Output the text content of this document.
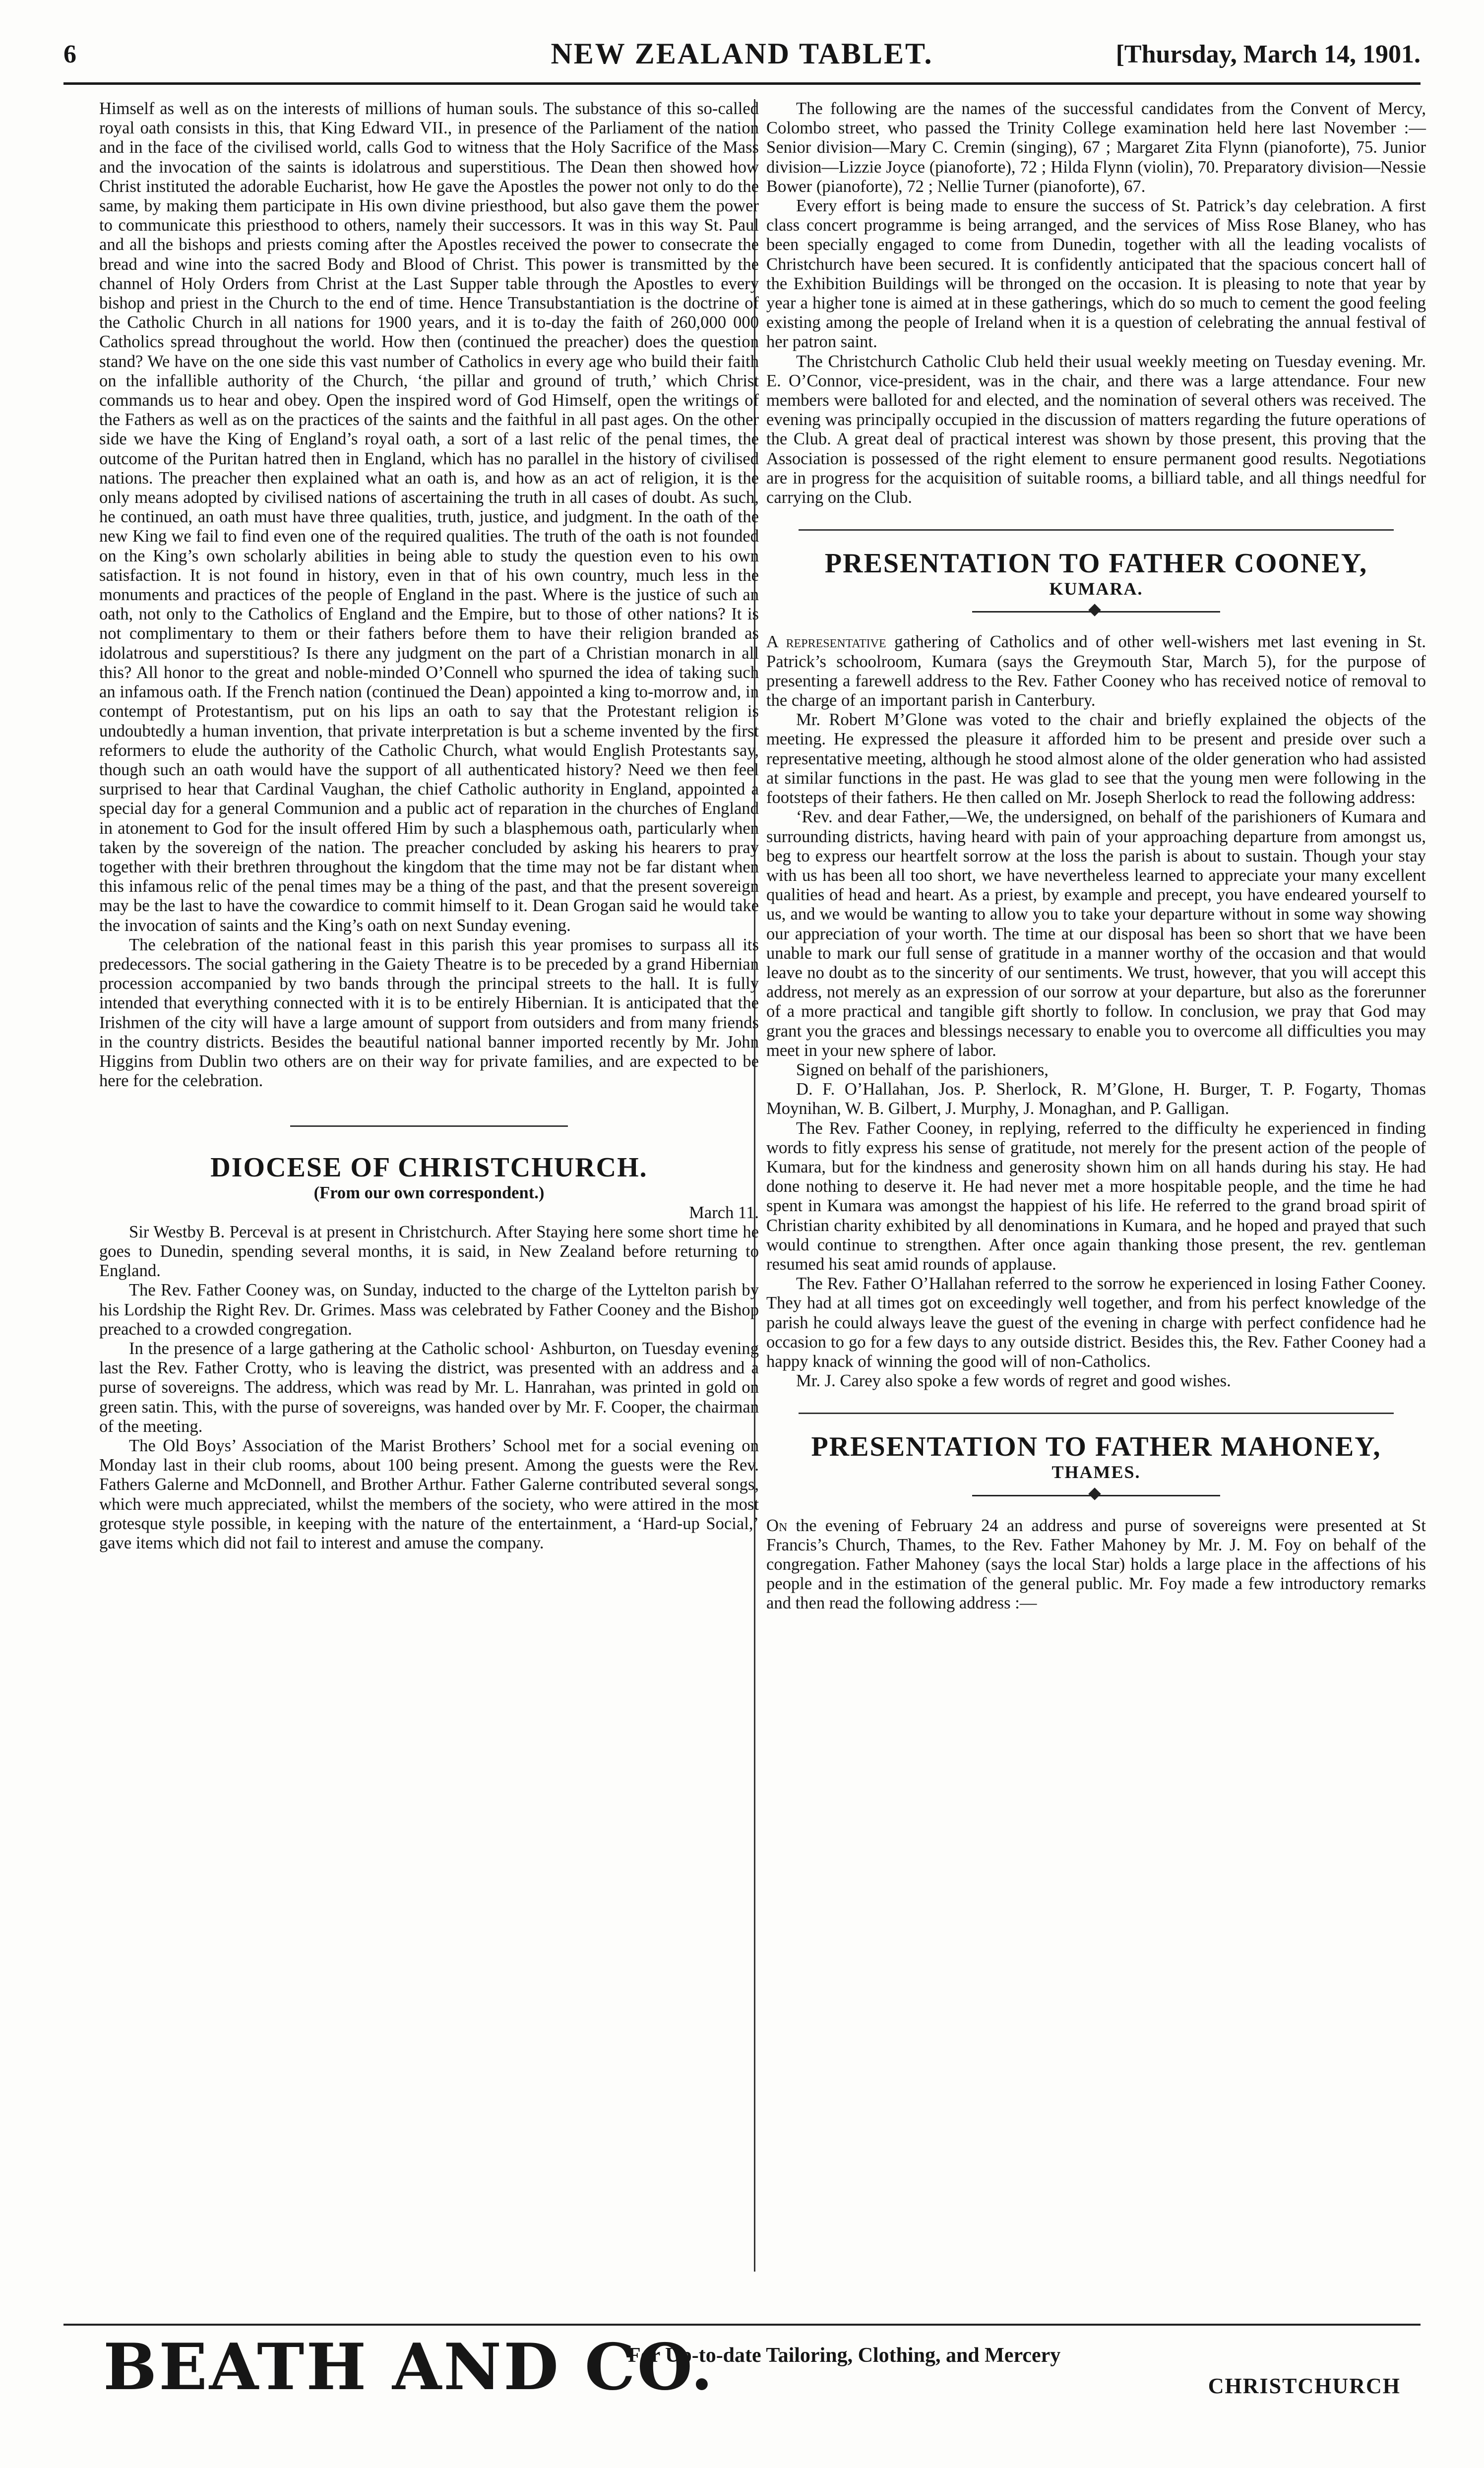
6	NEW ZEALAND TABLET.	[Thursday, March 14, 1901.

Himself as well as on the interests of millions of human souls. The substance of this so-called royal oath consists in this, that King Edward VII., in presence of the Parliament of the nation and in the face of the civilised world, calls God to witness that the Holy Sacrifice of the Mass and the invocation of the saints is idolatrous and superstitious. The Dean then showed how Christ instituted the adorable Eucharist, how He gave the Apostles the power not only to do the same, by making them participate in His own divine priesthood, but also gave them the power to communicate this priesthood to others, namely their successors. It was in this way St. Paul and all the bishops and priests coming after the Apostles received the power to consecrate the bread and wine into the sacred Body and Blood of Christ. This power is transmitted by the channel of Holy Orders from Christ at the Last Supper table through the Apostles to every bishop and priest in the Church to the end of time. Hence Transubstantiation is the doctrine of the Catholic Church in all nations for 1900 years, and it is to-day the faith of 260,000 000 Catholics spread throughout the world. How then (continued the preacher) does the question stand? We have on the one side this vast number of Catholics in every age who build their faith on the infallible authority of the Church, ‘the pillar and ground of truth,’ which Christ commands us to hear and obey. Open the inspired word of God Himself, open the writings of the Fathers as well as on the practices of the saints and the faithful in all past ages. On the other side we have the King of England’s royal oath, a sort of a last relic of the penal times, the outcome of the Puritan hatred then in England, which has no parallel in the history of civilised nations. The preacher then explained what an oath is, and how as an act of religion, it is the only means adopted by civilised nations of ascertaining the truth in all cases of doubt. As such, he continued, an oath must have three qualities, truth, justice, and judgment. In the oath of the new King we fail to find even one of the required qualities. The truth of the oath is not founded on the King’s own scholarly abilities in being able to study the question even to his own satisfaction. It is not found in history, even in that of his own country, much less in the monuments and practices of the people of England in the past. Where is the justice of such an oath, not only to the Catholics of England and the Empire, but to those of other nations? It is not complimentary to them or their fathers before them to have their religion branded as idolatrous and superstitious? Is there any judgment on the part of a Christian monarch in all this? All honor to the great and noble-minded O’Connell who spurned the idea of taking such an infamous oath. If the French nation (continued the Dean) appointed a king to-morrow and, in contempt of Protestantism, put on his lips an oath to say that the Protestant religion is undoubtedly a human invention, that private interpretation is but a scheme invented by the first reformers to elude the authority of the Catholic Church, what would English Protestants say, though such an oath would have the support of all authenticated history? Need we then feel surprised to hear that Cardinal Vaughan, the chief Catholic authority in England, appointed a special day for a general Communion and a public act of reparation in the churches of England in atonement to God for the insult offered Him by such a blasphemous oath, particularly when taken by the sovereign of the nation. The preacher concluded by asking his hearers to pray together with their brethren throughout the kingdom that the time may not be far distant when this infamous relic of the penal times may be a thing of the past, and that the present sovereign may be the last to have the cowardice to commit himself to it. Dean Grogan said he would take the invocation of saints and the King’s oath on next Sunday evening.

The celebration of the national feast in this parish this year promises to surpass all its predecessors. The social gathering in the Gaiety Theatre is to be preceded by a grand Hibernian procession accompanied by two bands through the principal streets to the hall. It is fully intended that everything connected with it is to be entirely Hibernian. It is anticipated that the Irishmen of the city will have a large amount of support from outsiders and from many friends in the country districts. Besides the beautiful national banner imported recently by Mr. John Higgins from Dublin two others are on their way for private families, and are expected to be here for the celebration.

DIOCESE OF CHRISTCHURCH.

(From our own correspondent.)

March 11.

Sir Westby B. Perceval is at present in Christchurch. After Staying here some short time he goes to Dunedin, spending several months, it is said, in New Zealand before returning to England.

The Rev. Father Cooney was, on Sunday, inducted to the charge of the Lyttelton parish by his Lordship the Right Rev. Dr. Grimes. Mass was celebrated by Father Cooney and the Bishop preached to a crowded congregation.

In the presence of a large gathering at the Catholic school· Ashburton, on Tuesday evening last the Rev. Father Crotty, who is leaving the district, was presented with an address and a purse of sovereigns. The address, which was read by Mr. L. Hanrahan, was printed in gold on green satin. This, with the purse of sovereigns, was handed over by Mr. F. Cooper, the chairman of the meeting.

The Old Boys’ Association of the Marist Brothers’ School met for a social evening on Monday last in their club rooms, about 100 being present. Among the guests were the Rev. Fathers Galerne and McDonnell, and Brother Arthur. Father Galerne contributed several songs, which were much appreciated, whilst the members of the society, who were attired in the most grotesque style possible, in keeping with the nature of the entertainment, a ‘Hard-up Social,’ gave items which did not fail to interest and amuse the company.

The following are the names of the successful candidates from the Convent of Mercy, Colombo street, who passed the Trinity College examination held here last November :—Senior division—Mary C. Cremin (singing), 67 ; Margaret Zita Flynn (pianoforte), 75. Junior division—Lizzie Joyce (pianoforte), 72 ; Hilda Flynn (violin), 70. Preparatory division—Nessie Bower (pianoforte), 72 ; Nellie Turner (pianoforte), 67.

Every effort is being made to ensure the success of St. Patrick’s day celebration. A first class concert programme is being arranged, and the services of Miss Rose Blaney, who has been specially engaged to come from Dunedin, together with all the leading vocalists of Christchurch have been secured. It is confidently anticipated that the spacious concert hall of the Exhibition Buildings will be thronged on the occasion. It is pleasing to note that year by year a higher tone is aimed at in these gatherings, which do so much to cement the good feeling existing among the people of Ireland when it is a question of celebrating the annual festival of her patron saint.

The Christchurch Catholic Club held their usual weekly meeting on Tuesday evening. Mr. E. O’Connor, vice-president, was in the chair, and there was a large attendance. Four new members were balloted for and elected, and the nomination of several others was received. The evening was principally occupied in the discussion of matters regarding the future operations of the Club. A great deal of practical interest was shown by those present, this proving that the Association is possessed of the right element to ensure permanent good results. Negotiations are in progress for the acquisition of suitable rooms, a billiard table, and all things needful for carrying on the Club.

PRESENTATION TO FATHER COONEY,

KUMARA.

A representative gathering of Catholics and of other well-wishers met last evening in St. Patrick’s schoolroom, Kumara (says the Greymouth Star, March 5), for the purpose of presenting a farewell address to the Rev. Father Cooney who has received notice of removal to the charge of an important parish in Canterbury.

Mr. Robert M’Glone was voted to the chair and briefly explained the objects of the meeting. He expressed the pleasure it afforded him to be present and preside over such a representative meeting, although he stood almost alone of the older generation who had assisted at similar functions in the past. He was glad to see that the young men were following in the footsteps of their fathers. He then called on Mr. Joseph Sherlock to read the following address:

‘Rev. and dear Father,—We, the undersigned, on behalf of the parishioners of Kumara and surrounding districts, having heard with pain of your approaching departure from amongst us, beg to express our heartfelt sorrow at the loss the parish is about to sustain. Though your stay with us has been all too short, we have nevertheless learned to appreciate your many excellent qualities of head and heart. As a priest, by example and precept, you have endeared yourself to us, and we would be wanting to allow you to take your departure without in some way showing our appreciation of your worth. The time at our disposal has been so short that we have been unable to mark our full sense of gratitude in a manner worthy of the occasion and that would leave no doubt as to the sincerity of our sentiments. We trust, however, that you will accept this address, not merely as an expression of our sorrow at your departure, but also as the forerunner of a more practical and tangible gift shortly to follow. In conclusion, we pray that God may grant you the graces and blessings necessary to enable you to overcome all difficulties you may meet in your new sphere of labor.

Signed on behalf of the parishioners,

D. F. O’Hallahan, Jos. P. Sherlock, R. M’Glone, H. Burger, T. P. Fogarty, Thomas Moynihan, W. B. Gilbert, J. Murphy, J. Monaghan, and P. Galligan.

The Rev. Father Cooney, in replying, referred to the difficulty he experienced in finding words to fitly express his sense of gratitude, not merely for the present action of the people of Kumara, but for the kindness and generosity shown him on all hands during his stay. He had done nothing to deserve it. He had never met a more hospitable people, and the time he had spent in Kumara was amongst the happiest of his life. He referred to the grand broad spirit of Christian charity exhibited by all denominations in Kumara, and he hoped and prayed that such would continue to strengthen. After once again thanking those present, the rev. gentleman resumed his seat amid rounds of applause.

The Rev. Father O’Hallahan referred to the sorrow he experienced in losing Father Cooney. They had at all times got on exceedingly well together, and from his perfect knowledge of the parish he could always leave the guest of the evening in charge with perfect confidence had he occasion to go for a few days to any outside district. Besides this, the Rev. Father Cooney had a happy knack of winning the good will of non-Catholics.

Mr. J. Carey also spoke a few words of regret and good wishes.

PRESENTATION TO FATHER MAHONEY,

THAMES.

On the evening of February 24 an address and purse of sovereigns were presented at St Francis’s Church, Thames, to the Rev. Father Mahoney by Mr. J. M. Foy on behalf of the congregation. Father Mahoney (says the local Star) holds a large place in the affections of his people and in the estimation of the general public. Mr. Foy made a few introductory remarks and then read the following address :—

BEATH AND CO.
For Up-to-date Tailoring, Clothing, and Mercery
CHRISTCHURCH
